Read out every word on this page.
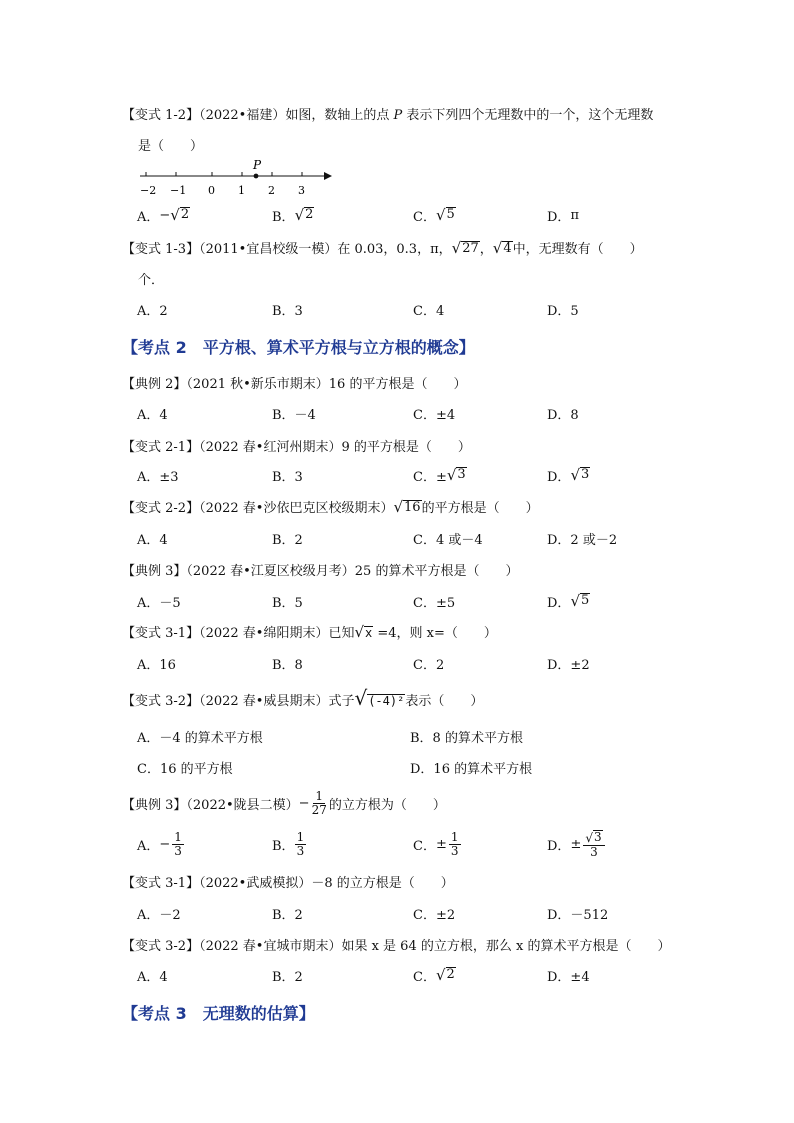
【变式 1-2】（2022•福建）如图，数轴上的点 P 表示下列四个无理数中的一个，这个无理数
是（　　）
P
−2 −1 0 1 2 3
A． − √ 2	B． √ 2	C． √ 5	D． π
【变式 1-3】（2011•宜昌校级一模）在 0.03，0.3，π， √ 27 ， √ 4 中，无理数有（　　）
个．
A．2	B．3	C．4	D．5
【考点 2 平方根、算术平方根与立方根的概念】
【典例 2】（2021 秋•新乐市期末）16 的平方根是（　　）
A．4	B．－4	C．±4	D．8
【变式 2-1】（2022 春•红河州期末）9 的平方根是（　　）
A．±3	B．3	C．± √ 3	D． √ 3
【变式 2-2】（2022 春•沙依巴克区校级期末） √ 16 的平方根是（　　）
A．4	B．2	C．4 或－4	D．2 或－2
【典例 3】（2022 春•江夏区校级月考）25 的算术平方根是（　　）
A．－5	B．5	C．±5	D． √ 5
【变式 3-1】（2022 春•绵阳期末）已知 √ x =4，则 x=（　　）
A．16	B．8	C．2	D．±2
【变式 3-2】（2022 春•威县期末）式子 √ (-4)² 表示（　　）
A．－4 的算术平方根	B．8 的算术平方根
C．16 的平方根	D．16 的算术平方根
【典例 3】（2022•陇县二模） − $\frac{1}{27}$ 的立方根为（　　）
A． − $\frac{1}{3}$	B． $\frac{1}{3}$	C． ± $\frac{1}{3}$	D． ± $\frac{√ 3}{3}$
【变式 3-1】（2022•武威模拟）－8 的立方根是（　　）
A．－2	B．2	C．±2	D．－512
【变式 3-2】（2022 春•宜城市期末）如果 x 是 64 的立方根，那么 x 的算术平方根是（　　）
A．4	B．2	C． √ 2	D．±4
【考点 3 无理数的估算】
